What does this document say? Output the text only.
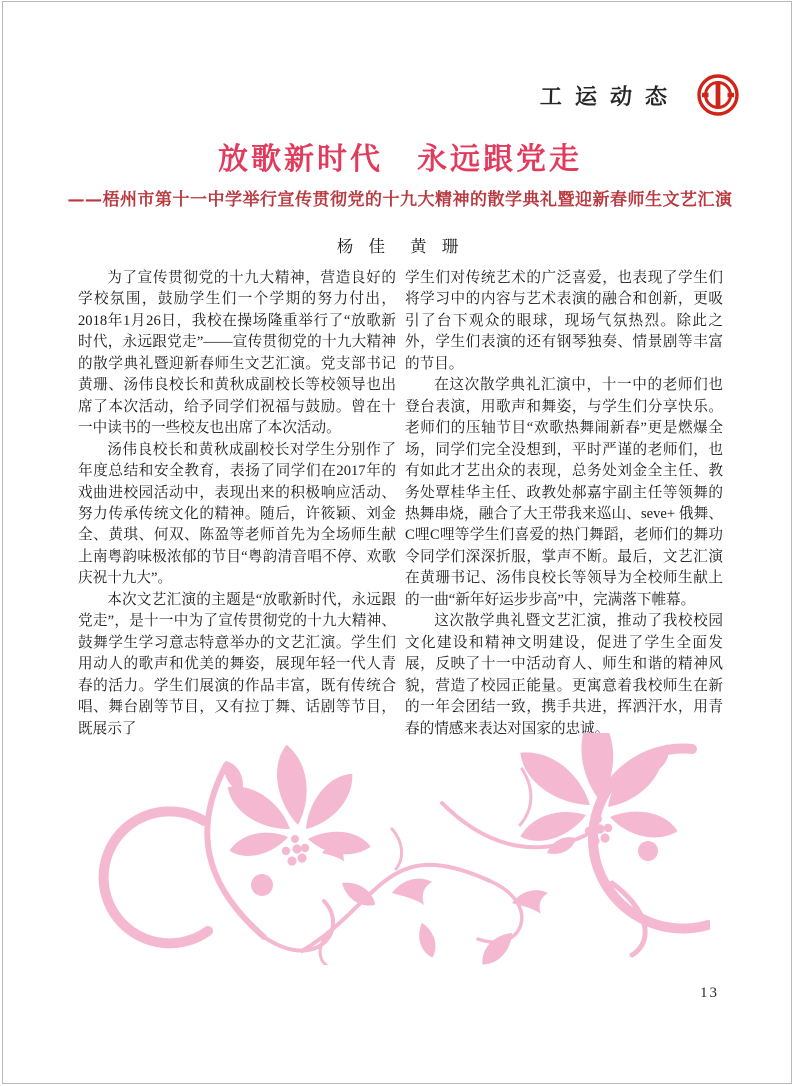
工运动态
放歌新时代 永远跟党走
——梧州市第十一中学举行宣传贯彻党的十九大精神的散学典礼暨迎新春师生文艺汇演
杨 佳 黄 珊

为了宣传贯彻党的十九大精神，营造良好的学校氛围，鼓励学生们一个学期的努力付出，2018年1月26日，我校在操场隆重举行了“放歌新时代，永远跟党走”——宣传贯彻党的十九大精神的散学典礼暨迎新春师生文艺汇演。党支部书记黄珊、汤伟良校长和黄秋成副校长等校领导也出席了本次活动，给予同学们祝福与鼓励。曾在十一中读书的一些校友也出席了本次活动。

汤伟良校长和黄秋成副校长对学生分别作了年度总结和安全教育，表扬了同学们在2017年的戏曲进校园活动中，表现出来的积极响应活动、努力传承传统文化的精神。随后，许筱颖、刘金全、黄琪、何双、陈盈等老师首先为全场师生献上南粤韵味极浓郁的节目“粤韵清音唱不停、欢歌庆祝十九大”。

本次文艺汇演的主题是“放歌新时代，永远跟党走”，是十一中为了宣传贯彻党的十九大精神、鼓舞学生学习意志特意举办的文艺汇演。学生们用动人的歌声和优美的舞姿，展现年轻一代人青春的活力。学生们展演的作品丰富，既有传统合唱、舞台剧等节目，又有拉丁舞、话剧等节目，既展示了

学生们对传统艺术的广泛喜爱，也表现了学生们将学习中的内容与艺术表演的融合和创新，更吸引了台下观众的眼球，现场气氛热烈。除此之外，学生们表演的还有钢琴独奏、情景剧等丰富的节目。

在这次散学典礼汇演中，十一中的老师们也登台表演，用歌声和舞姿，与学生们分享快乐。老师们的压轴节目“欢歌热舞闹新春”更是燃爆全场，同学们完全没想到，平时严谨的老师们，也有如此才艺出众的表现，总务处刘金全主任、教务处覃桂华主任、政教处郝嘉宇副主任等领舞的热舞串烧，融合了大王带我来巡山、seve+ 俄舞、C哩C哩等学生们喜爱的热门舞蹈，老师们的舞功令同学们深深折服，掌声不断。最后，文艺汇演在黄珊书记、汤伟良校长等领导为全校师生献上的一曲“新年好运步步高”中，完满落下帷幕。

这次散学典礼暨文艺汇演，推动了我校校园文化建设和精神文明建设，促进了学生全面发展，反映了十一中活动育人、师生和谐的精神风貌，营造了校园正能量。更寓意着我校师生在新的一年会团结一致，携手共进，挥洒汗水，用青春的情感来表达对国家的忠诚。

13
